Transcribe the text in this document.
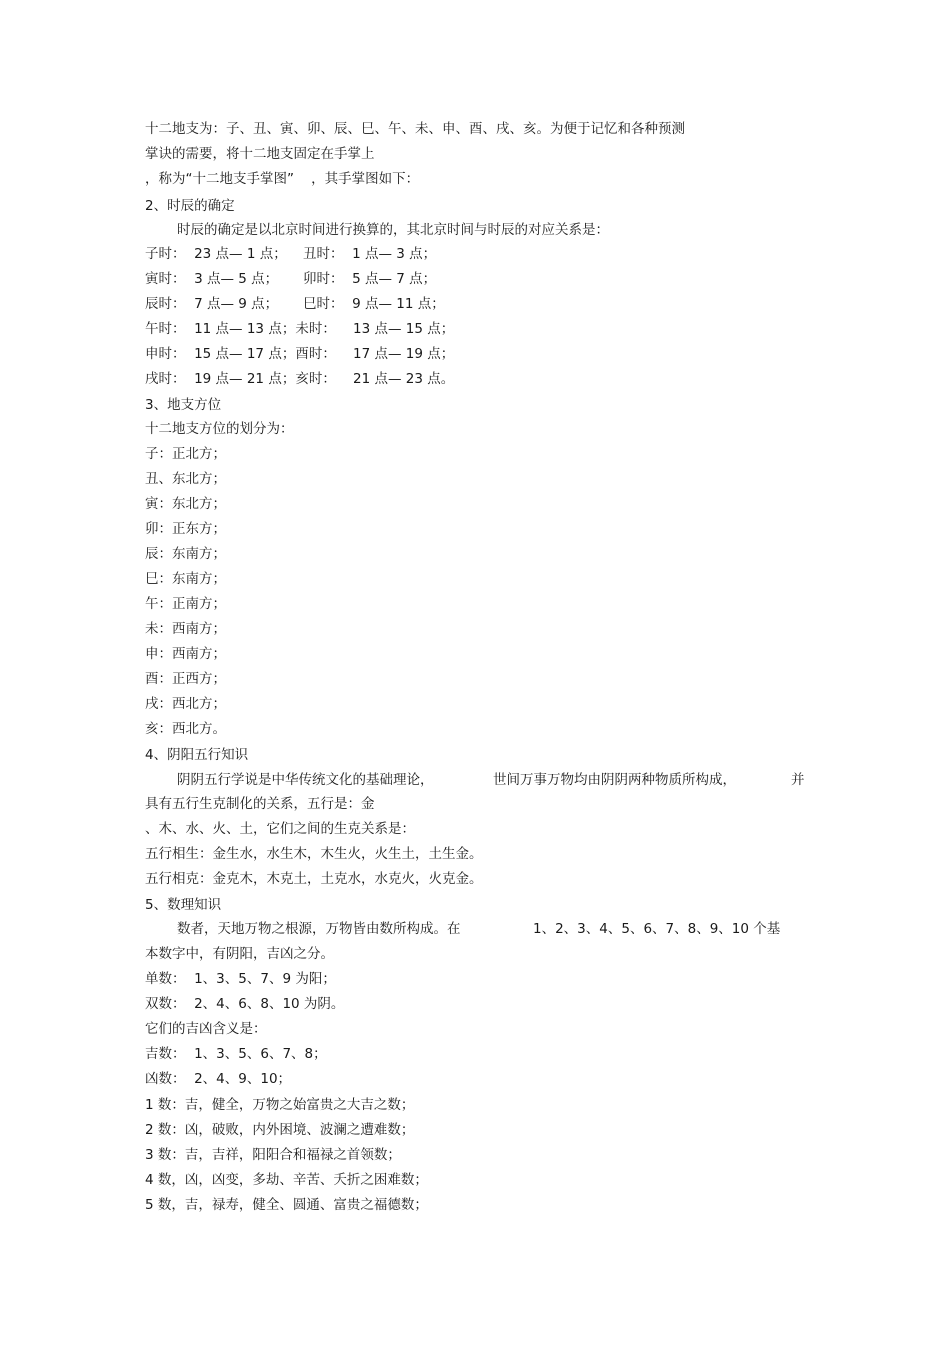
十二地支为：子、丑、寅、卯、辰、巳、午、未、申、酉、戌、亥。为便于记忆和各种预测
掌诀的需要，将十二地支固定在手掌上
，称为“十二地支手掌图”    ，其手掌图如下：
2、时辰的确定
时辰的确定是以北京时间进行换算的，其北京时间与时辰的对应关系是：
子时：  23 点— 1 点； 丑时：  1 点— 3 点；
寅时：  3 点— 5 点； 卯时：  5 点— 7 点；
辰时：  7 点— 9 点； 巳时：  9 点— 11 点；
午时：  11 点— 13 点；未时： 13 点— 15 点；
申时：  15 点— 17 点；酉时： 17 点— 19 点；
戌时：  19 点— 21 点；亥时： 21 点— 23 点。
3、地支方位
十二地支方位的划分为：
子：正北方；
丑、东北方；
寅：东北方；
卯：正东方；
辰：东南方；
巳：东南方；
午：正南方；
未：西南方；
申：西南方；
酉：正西方；
戌：西北方；
亥：西北方。
4、阴阳五行知识
阴阴五行学说是中华传统文化的基础理论，	世间万事万物均由阴阴两种物质所构成，	并
具有五行生克制化的关系，五行是：金
、木、水、火、土，它们之间的生克关系是：
五行相生：金生水，水生木，木生火，火生土，土生金。
五行相克：金克木，木克土，土克水，水克火，火克金。
5、数理知识
数者，天地万物之根源，万物皆由数所构成。在	1、2、3、4、5、6、7、8、9、10 个基
本数字中，有阴阳，吉凶之分。
单数：  1、3、5、7、9 为阳；
双数：  2、4、6、8、10 为阴。
它们的吉凶含义是：
吉数：  1、3、5、6、7、8；
凶数：  2、4、9、10；
1 数：吉，健全，万物之始富贵之大吉之数；
2 数：凶，破败，内外困境、波澜之遭难数；
3 数：吉，吉祥，阳阳合和福禄之首领数；
4 数，凶，凶变，多劫、辛苦、夭折之困难数；
5 数，吉，禄寿，健全、圆通、富贵之福德数；
